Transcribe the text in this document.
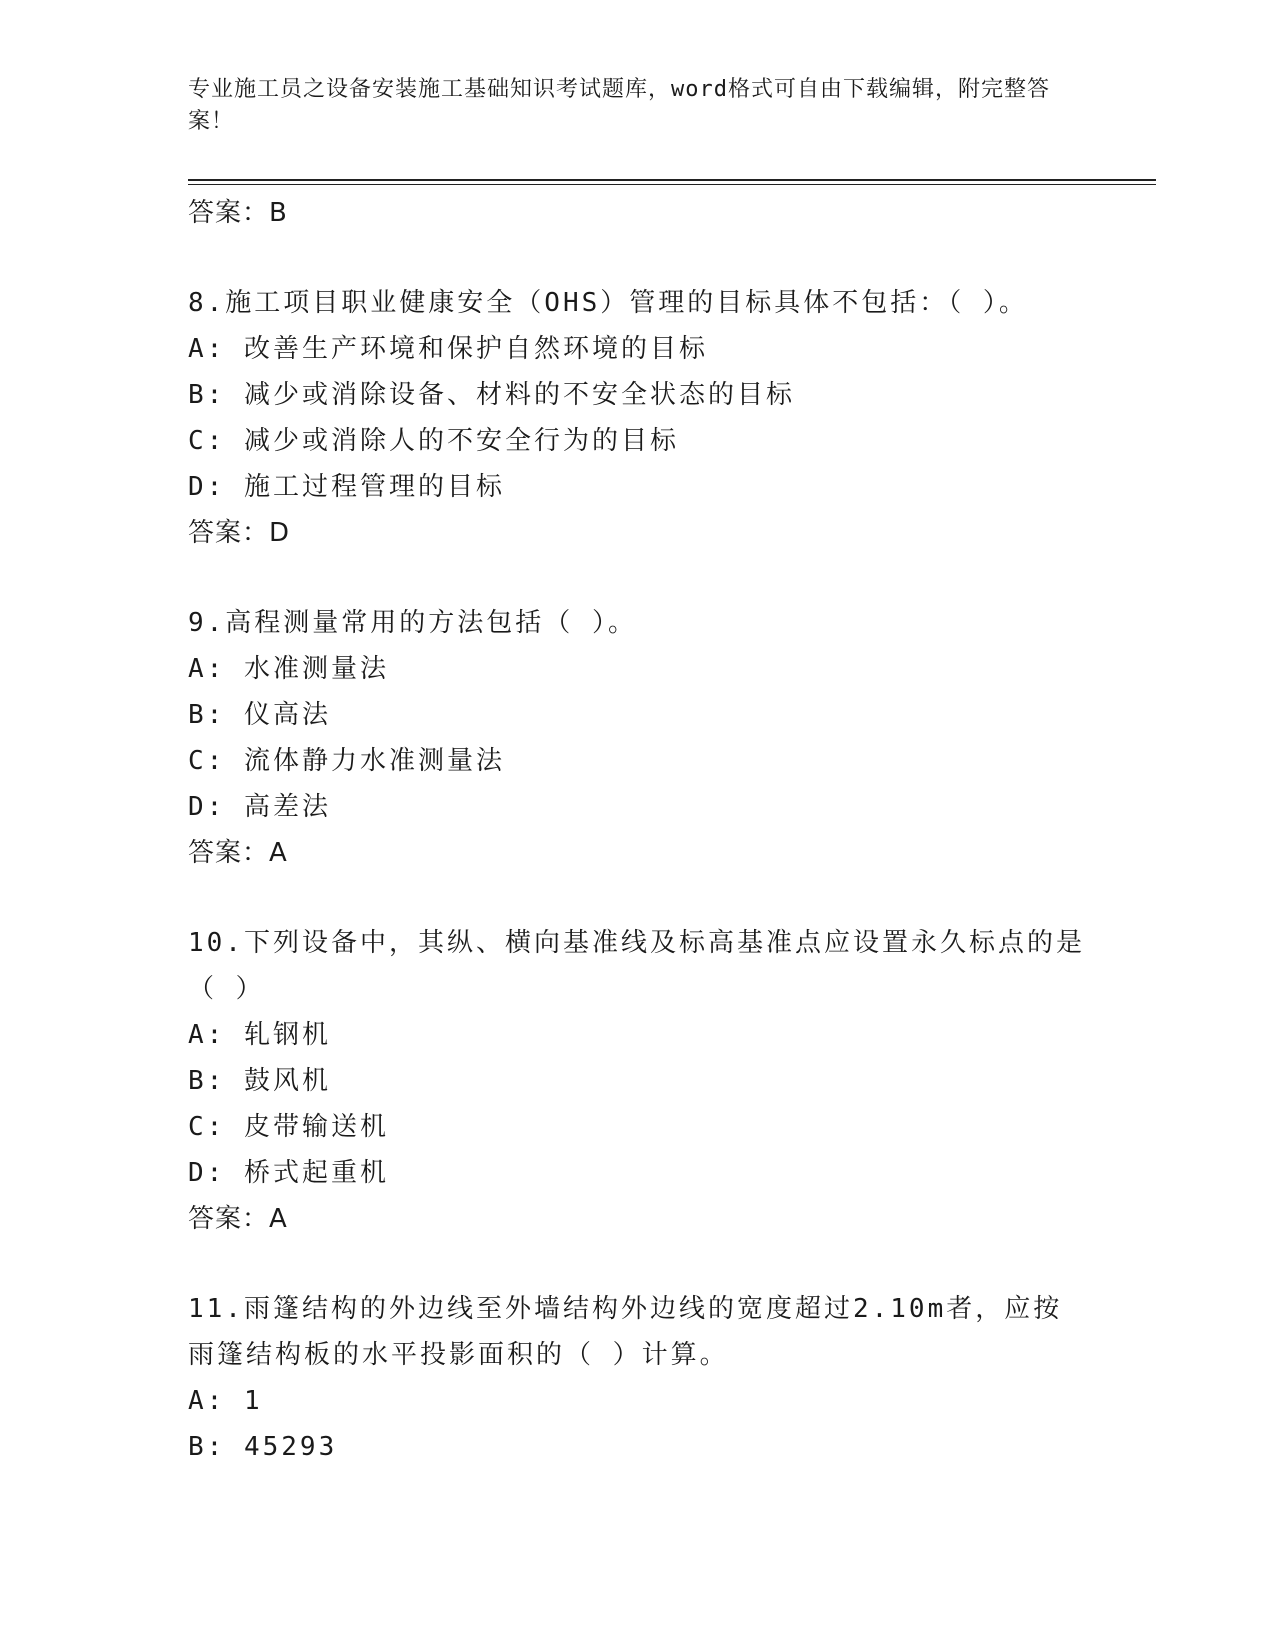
专业施工员之设备安装施工基础知识考试题库，word格式可自由下载编辑，附完整答案！
答案：B
8.施工项目职业健康安全（OHS）管理的目标具体不包括：（ ）。
A: 改善生产环境和保护自然环境的目标
B: 减少或消除设备、材料的不安全状态的目标
C: 减少或消除人的不安全行为的目标
D: 施工过程管理的目标
答案：D
9.高程测量常用的方法包括（ ）。
A: 水准测量法
B: 仪高法
C: 流体静力水准测量法
D: 高差法
答案：A
10.下列设备中，其纵、横向基准线及标高基准点应设置永久标点的是（ ）
A: 轧钢机
B: 鼓风机
C: 皮带输送机
D: 桥式起重机
答案：A
11.雨篷结构的外边线至外墙结构外边线的宽度超过2.10m者，应按雨篷结构板的水平投影面积的（ ）计算。
A: 1
B: 45293
